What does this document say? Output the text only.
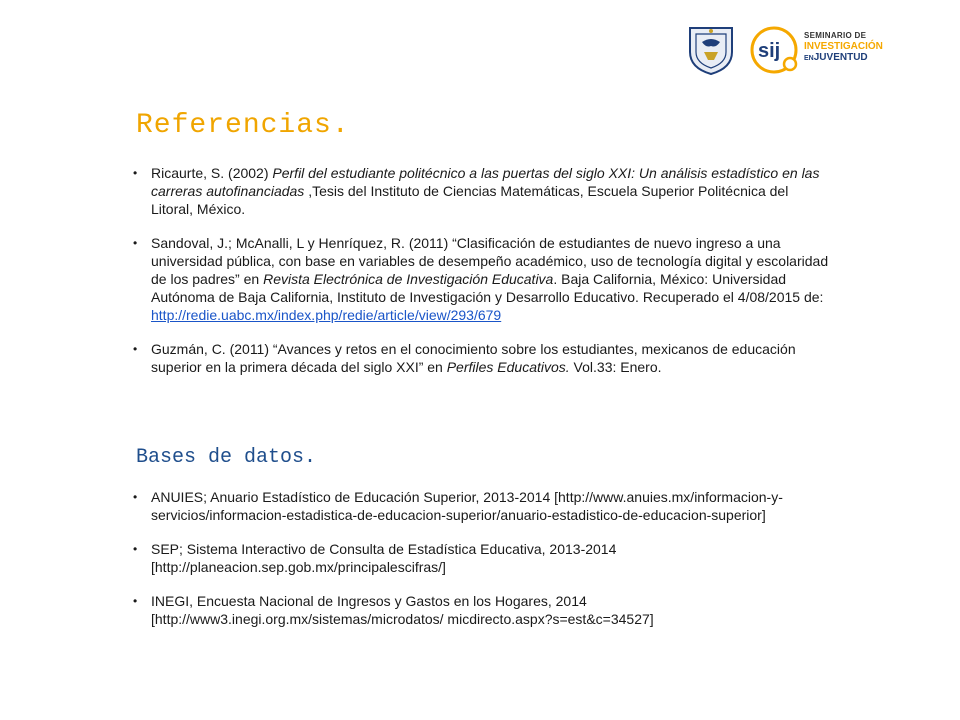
sij
SEMINARIO DE
INVESTIGACIÓN
ENJUVENTUD
Referencias.
• Ricaurte, S. (2002) Perfil del estudiante politécnico a las puertas del siglo XXI: Un análisis estadístico en las carreras autofinanciadas ,Tesis del Instituto de Ciencias Matemáticas, Escuela Superior Politécnica del Litoral, México.
• Sandoval, J.; McAnalli, L y Henríquez, R. (2011) “Clasificación de estudiantes de nuevo ingreso a una universidad pública, con base en variables de desempeño académico, uso de tecnología digital y escolaridad de los padres” en Revista Electrónica de Investigación Educativa. Baja California, México: Universidad Autónoma de Baja California, Instituto de Investigación y Desarrollo Educativo. Recuperado el 4/08/2015 de: http://redie.uabc.mx/index.php/redie/article/view/293/679
• Guzmán, C. (2011) “Avances y retos en el conocimiento sobre los estudiantes, mexicanos de educación superior en la primera década del siglo XXI” en Perfiles Educativos. Vol.33: Enero.
Bases de datos.
• ANUIES; Anuario Estadístico de Educación Superior, 2013-2014 [http://www.anuies.mx/informacion-y-servicios/informacion-estadistica-de-educacion-superior/anuario-estadistico-de-educacion-superior]
• SEP; Sistema Interactivo de Consulta de Estadística Educativa, 2013-2014 [http://planeacion.sep.gob.mx/principalescifras/]
• INEGI, Encuesta Nacional de Ingresos y Gastos en los Hogares, 2014 [http://www3.inegi.org.mx/sistemas/microdatos/ micdirecto.aspx?s=est&c=34527]
